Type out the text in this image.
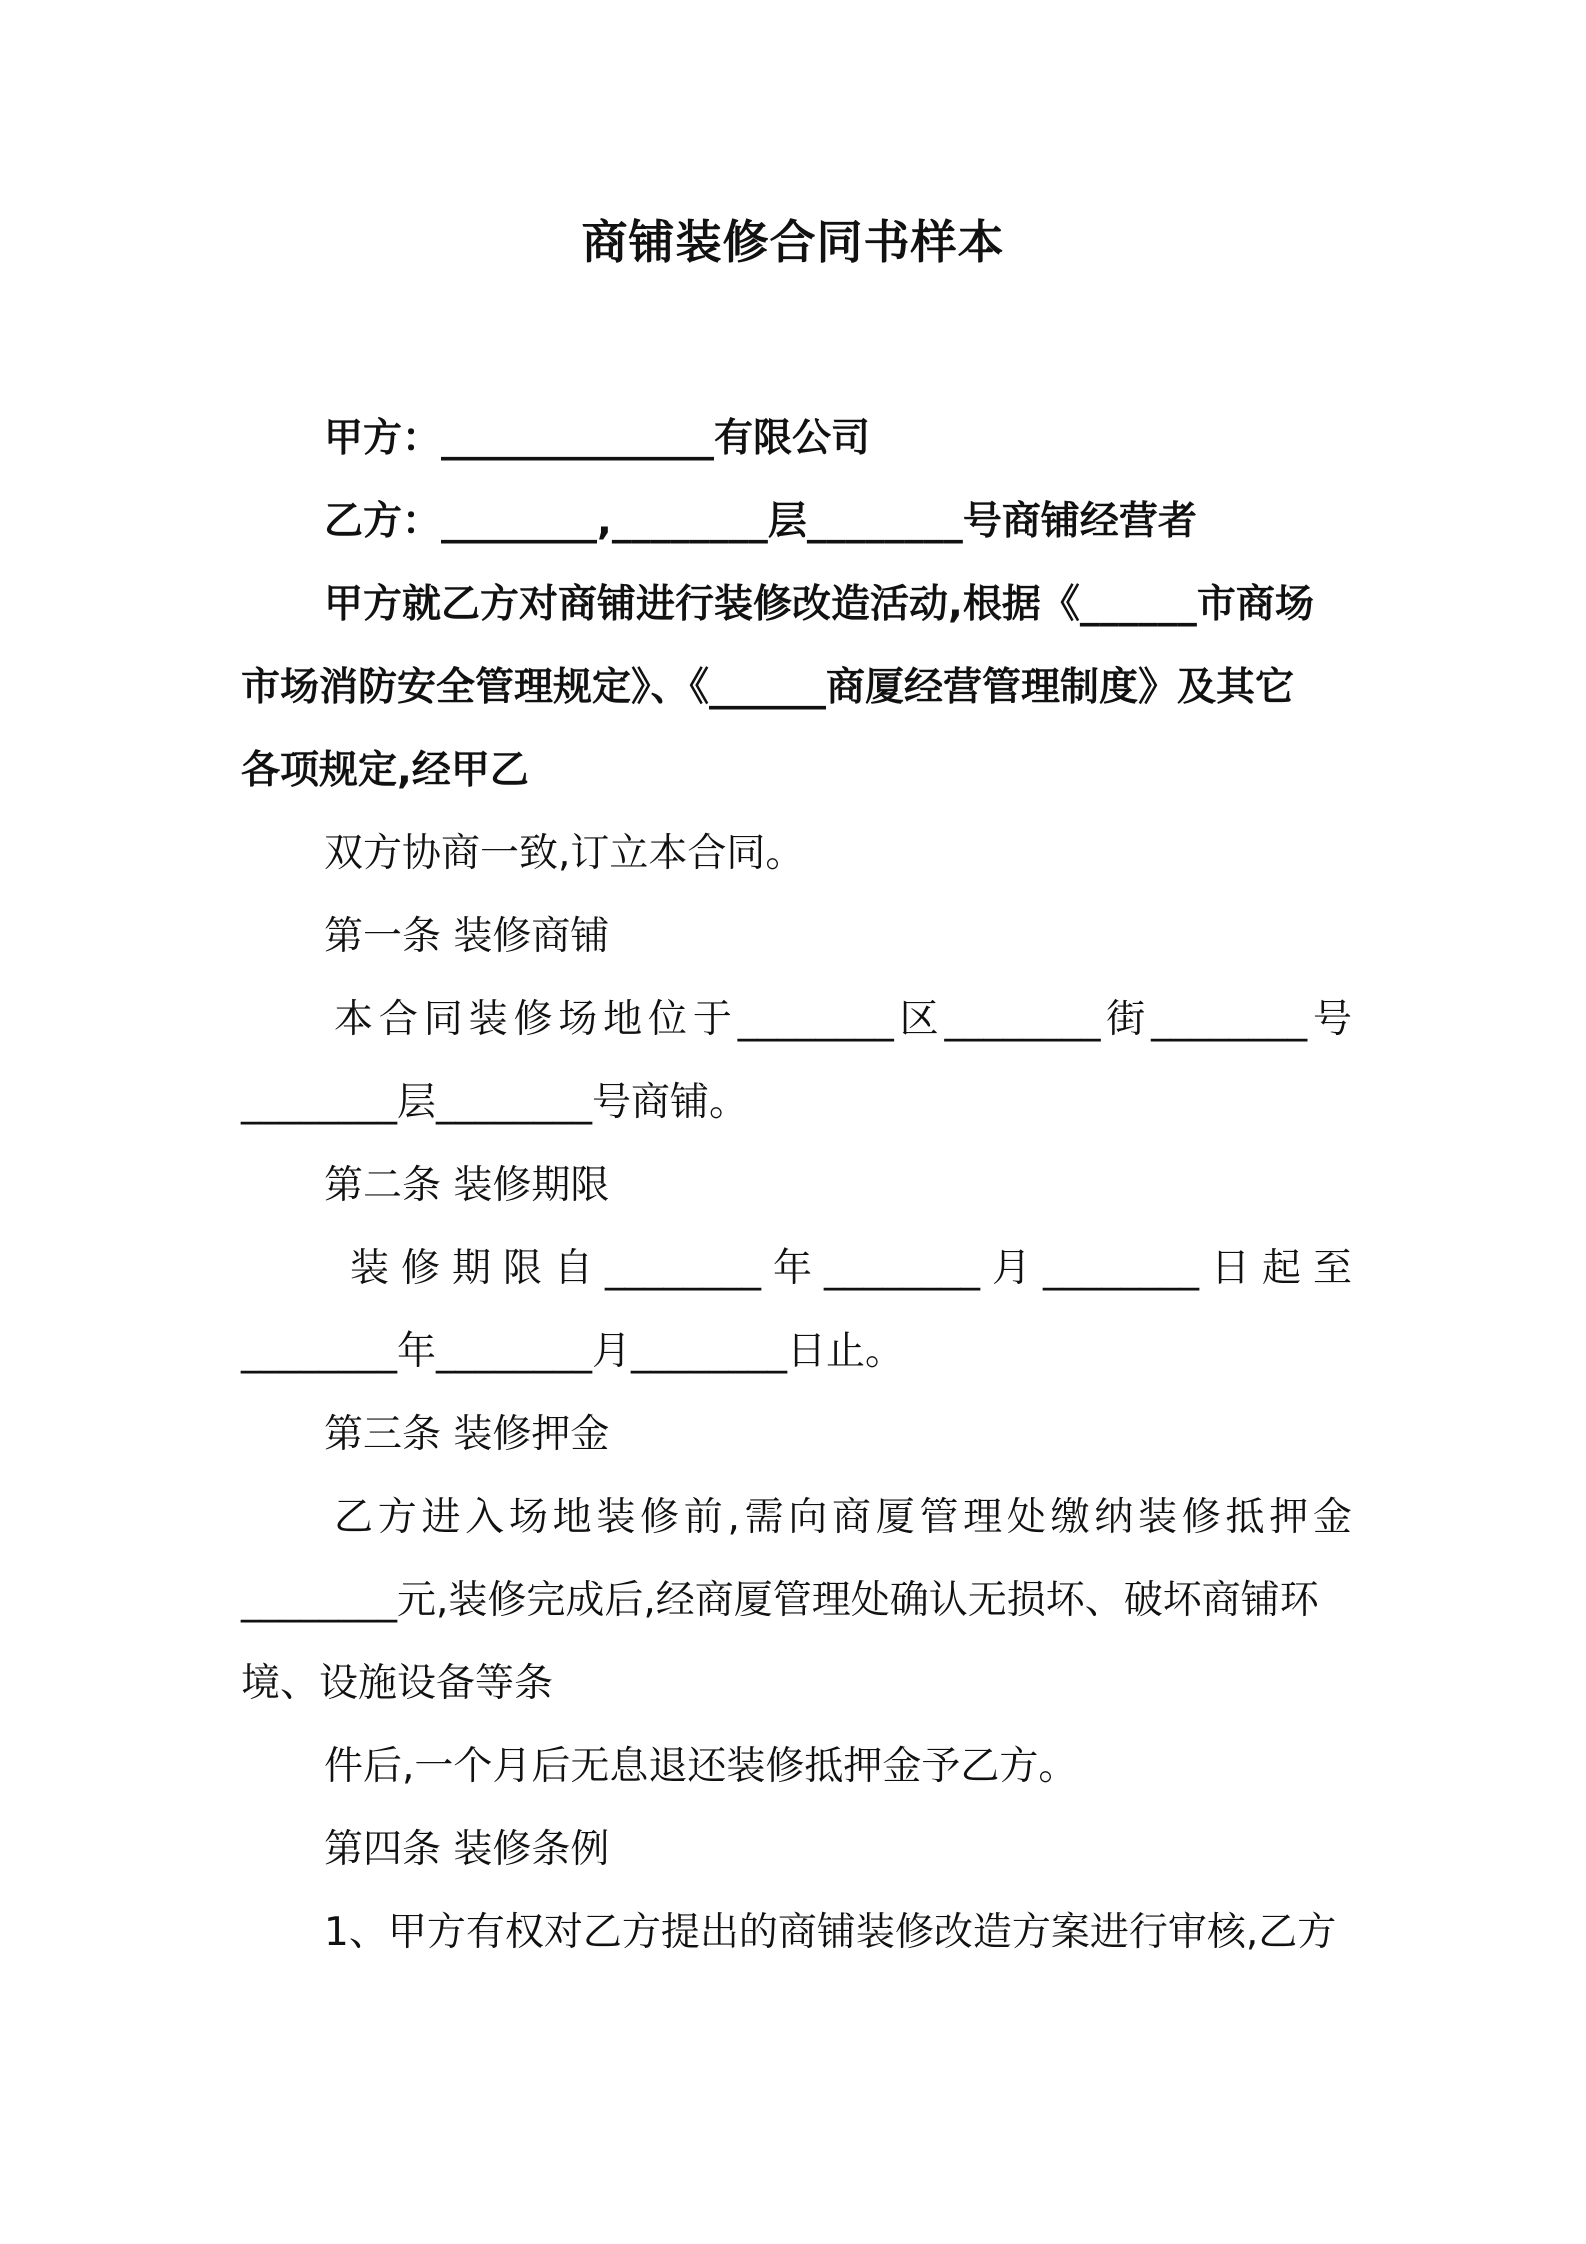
商铺装修合同书样本
甲方：______________有限公司
乙方：________,________层________号商铺经营者
甲方就乙方对商铺进行装修改造活动,根据《______市商场
市场消防安全管理规定》、《______商厦经营管理制度》及其它
各项规定,经甲乙
双方协商一致,订立本合同。
第一条 装修商铺
本 合 同 装 修 场 地 位 于 ________ 区 ________ 街 ________ 号
________层________号商铺。
第二条 装修期限
装 修 期 限 自 ________ 年 ________ 月 ________ 日 起 至
________年________月________日止。
第三条 装修押金
乙 方 进 入 场 地 装 修 前 , 需 向 商 厦 管 理 处 缴 纳 装 修 抵 押 金
________元,装修完成后,经商厦管理处确认无损坏、破坏商铺环
境、设施设备等条
件后,一个月后无息退还装修抵押金予乙方。
第四条 装修条例
1、甲方有权对乙方提出的商铺装修改造方案进行审核,乙方
